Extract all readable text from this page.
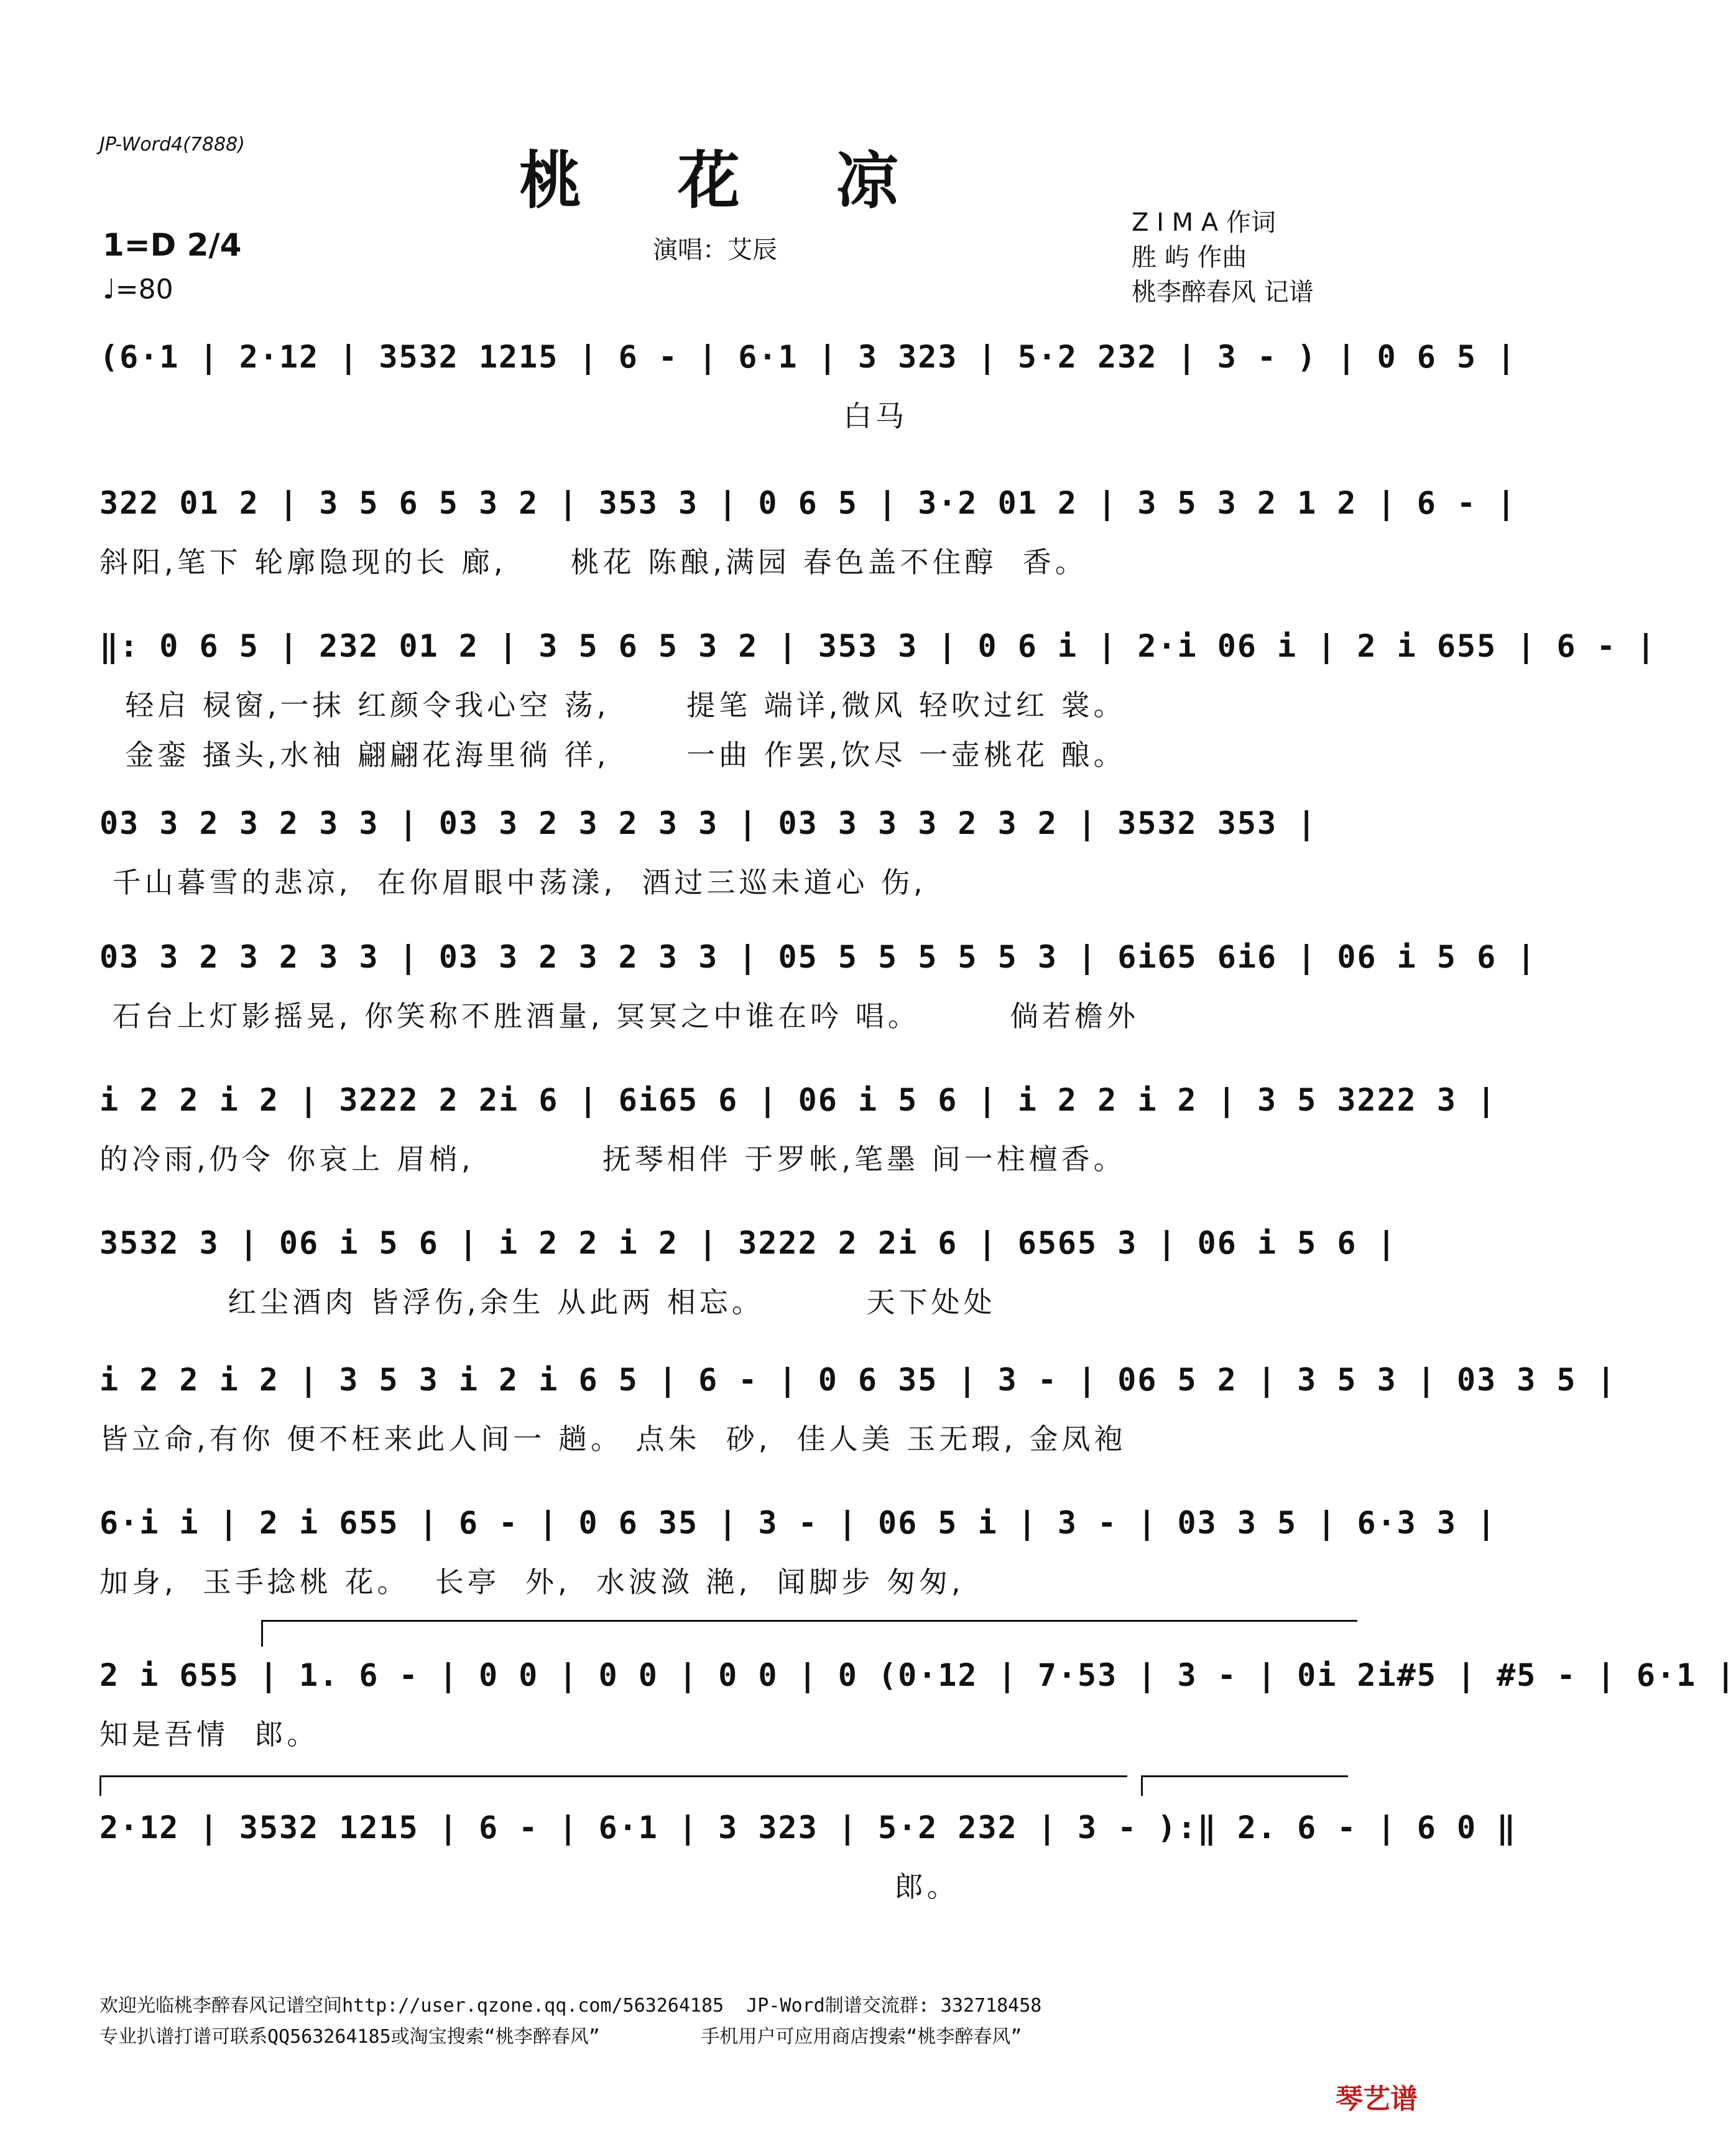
JP-Word4(7888)	桃 花 凉
演唱：艾辰
1=D 2/4
♩=80
Z I M A 作词
胜 屿 作曲
桃李醉春风 记谱
(6·1 | 2·12 | 3532 1215 | 6 - | 6·1 | 3 323 | 5·2 232 | 3 - ) | 0 6 5 |
白马
322 01 2 | 3 5 6 5 3 2 | 353 3 | 0 6 5 | 3·2 01 2 | 3 5 3 2 1 2 | 6 - |
斜阳,笔下 轮廓隐现的长 廊,     桃花 陈酿,满园 春色盖不住醇  香。
‖: 0 6 5 | 232 01 2 | 3 5 6 5 3 2 | 353 3 | 0 6 i | 2·i 06 i | 2 i 655 | 6 - |
轻启 棂窗,一抹 红颜令我心空 荡,      提笔 端详,微风 轻吹过红 裳。
金銮 搔头,水袖 翩翩花海里徜 徉,      一曲 作罢,饮尽 一壶桃花 酿。
03 3 2 3 2 3 3 | 03 3 2 3 2 3 3 | 03 3 3 3 2 3 2 | 3532 353 |
千山暮雪的悲凉,  在你眉眼中荡漾,  酒过三巡未道心 伤,
03 3 2 3 2 3 3 | 03 3 2 3 2 3 3 | 05 5 5 5 5 5 3 | 6i65 6i6 | 06 i 5 6 |
石台上灯影摇晃, 你笑称不胜酒量, 冥冥之中谁在吟 唱。       倘若檐外
i 2 2 i 2 | 3222 2 2i 6 | 6i65 6 | 06 i 5 6 | i 2 2 i 2 | 3 5 3222 3 |
的冷雨,仍令 你哀上 眉梢,          抚琴相伴 于罗帐,笔墨 间一柱檀香。
3532 3 | 06 i 5 6 | i 2 2 i 2 | 3222 2 2i 6 | 6565 3 | 06 i 5 6 |
红尘酒肉 皆浮伤,余生 从此两 相忘。        天下处处
i 2 2 i 2 | 3 5 3 i 2 i 6 5 | 6 - | 0 6 35 | 3 - | 06 5 2 | 3 5 3 | 03 3 5 |
皆立命,有你 便不枉来此人间一 趟。 点朱  砂,  佳人美 玉无瑕, 金凤袍
6·i i | 2 i 655 | 6 - | 0 6 35 | 3 - | 06 5 i | 3 - | 03 3 5 | 6·3 3 |
加身,  玉手捻桃 花。  长亭  外,  水波潋 滟,  闻脚步 匆匆,
2 i 655 | 1. 6 - | 0 0 | 0 0 | 0 0 | 0 (0·12 | 7·53 | 3 - | 0i 2i#5 | #5 - | 6·1 |
知是吾情  郎。
2·12 | 3532 1215 | 6 - | 6·1 | 3 323 | 5·2 232 | 3 - ):‖ 2. 6 - | 6 0 ‖
郎。
欢迎光临桃李醉春风记谱空间http://user.qzone.qq.com/563264185  JP-Word制谱交流群: 332718458
专业扒谱打谱可联系QQ563264185或淘宝搜索“桃李醉春风”         手机用户可应用商店搜索“桃李醉春风”
琴艺谱
